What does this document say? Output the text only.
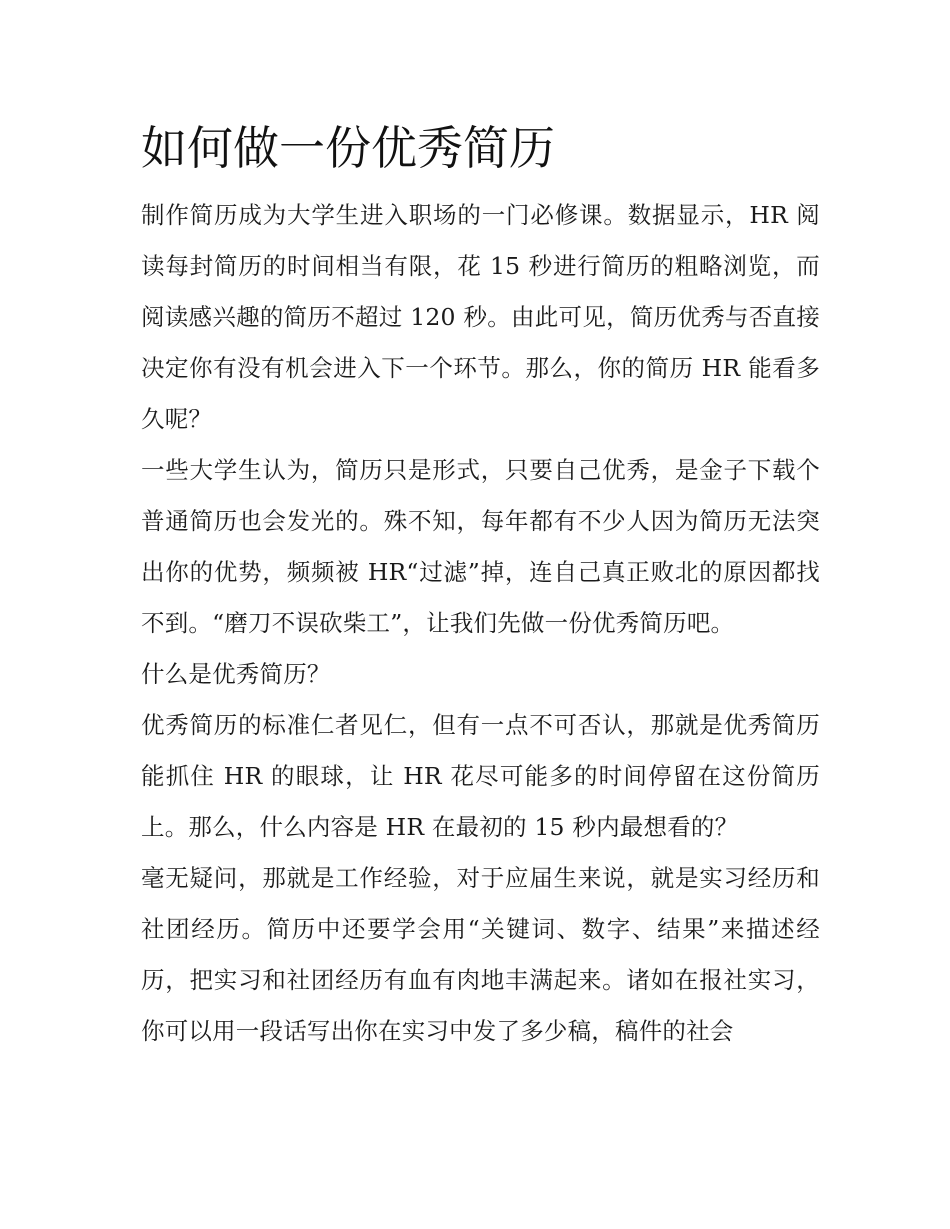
如何做一份优秀简历

制作简历成为大学生进入职场的一门必修课。数据显示，HR 阅读每封简历的时间相当有限，花 15 秒进行简历的粗略浏览，而阅读感兴趣的简历不超过 120 秒。由此可见，简历优秀与否直接决定你有没有机会进入下一个环节。那么，你的简历 HR 能看多久呢？

一些大学生认为，简历只是形式，只要自己优秀，是金子下载个普通简历也会发光的。殊不知，每年都有不少人因为简历无法突出你的优势，频频被 HR“过滤”掉，连自己真正败北的原因都找不到。“磨刀不误砍柴工”，让我们先做一份优秀简历吧。

什么是优秀简历？

优秀简历的标准仁者见仁，但有一点不可否认，那就是优秀简历能抓住 HR 的眼球，让 HR 花尽可能多的时间停留在这份简历上。那么，什么内容是 HR 在最初的 15 秒内最想看的？

毫无疑问，那就是工作经验，对于应届生来说，就是实习经历和社团经历。简历中还要学会用“关键词、数字、结果”来描述经历，把实习和社团经历有血有肉地丰满起来。诸如在报社实习，你可以用一段话写出你在实习中发了多少稿，稿件的社会
